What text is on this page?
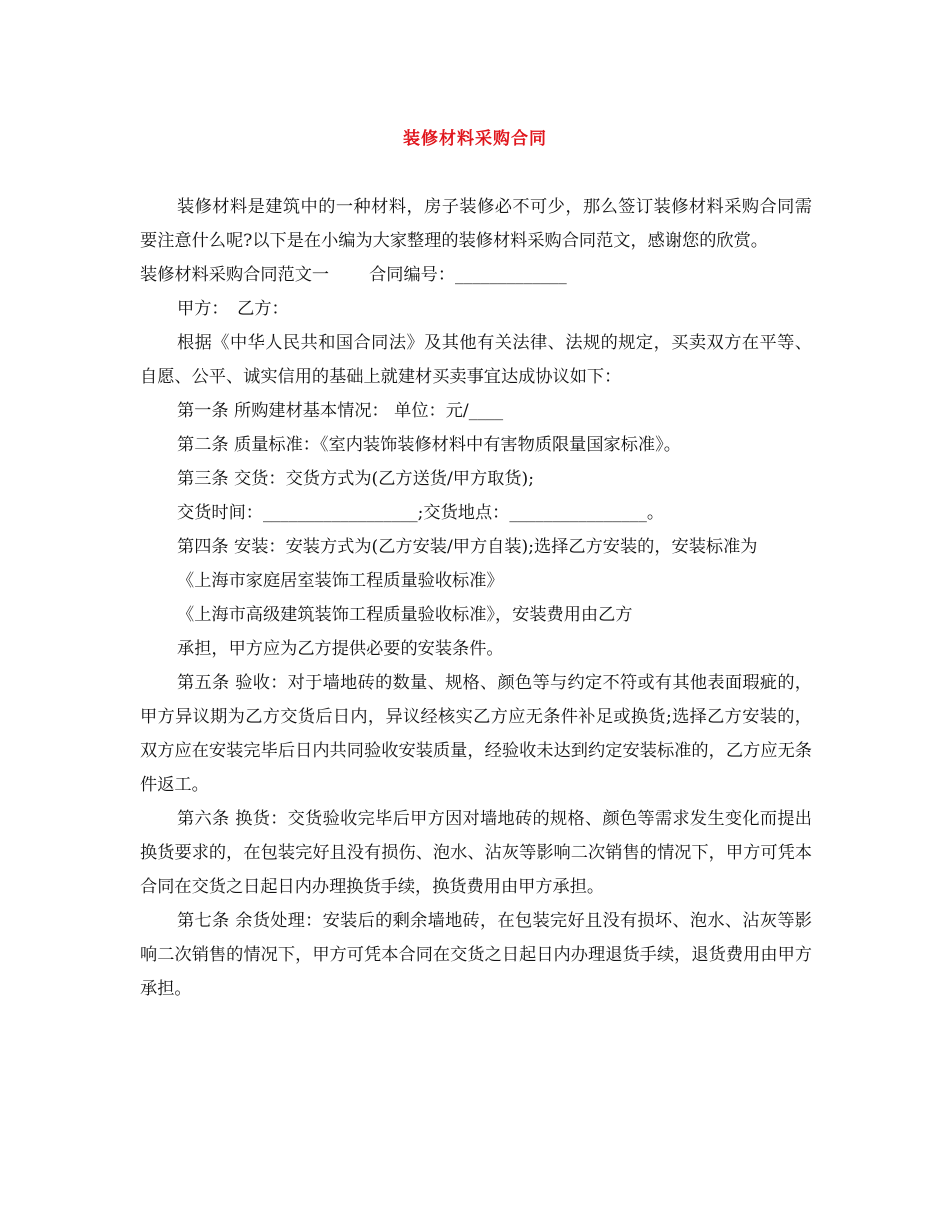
装修材料采购合同

装修材料是建筑中的一种材料，房子装修必不可少，那么签订装修材料采购合同需要注意什么呢?以下是在小编为大家整理的装修材料采购合同范文，感谢您的欣赏。

装修材料采购合同范文一 合同编号：_____________

甲方：　乙方：

根据《中华人民共和国合同法》及其他有关法律、法规的规定，买卖双方在平等、自愿、公平、诚实信用的基础上就建材买卖事宜达成协议如下：

第一条 所购建材基本情况： 单位：元/____

第二条 质量标准：《室内装饰装修材料中有害物质限量国家标准》。

第三条 交货：交货方式为(乙方送货/甲方取货);

交货时间：__________________;交货地点：________________。

第四条 安装：安装方式为(乙方安装/甲方自装);选择乙方安装的，安装标准为

《上海市家庭居室装饰工程质量验收标准》

《上海市高级建筑装饰工程质量验收标准》，安装费用由乙方

承担，甲方应为乙方提供必要的安装条件。

第五条 验收：对于墙地砖的数量、规格、颜色等与约定不符或有其他表面瑕疵的，甲方异议期为乙方交货后日内，异议经核实乙方应无条件补足或换货;选择乙方安装的，双方应在安装完毕后日内共同验收安装质量，经验收未达到约定安装标准的，乙方应无条件返工。

第六条 换货：交货验收完毕后甲方因对墙地砖的规格、颜色等需求发生变化而提出换货要求的，在包装完好且没有损伤、泡水、沾灰等影响二次销售的情况下，甲方可凭本合同在交货之日起日内办理换货手续，换货费用由甲方承担。

第七条 余货处理：安装后的剩余墙地砖，在包装完好且没有损坏、泡水、沾灰等影响二次销售的情况下，甲方可凭本合同在交货之日起日内办理退货手续，退货费用由甲方承担。
